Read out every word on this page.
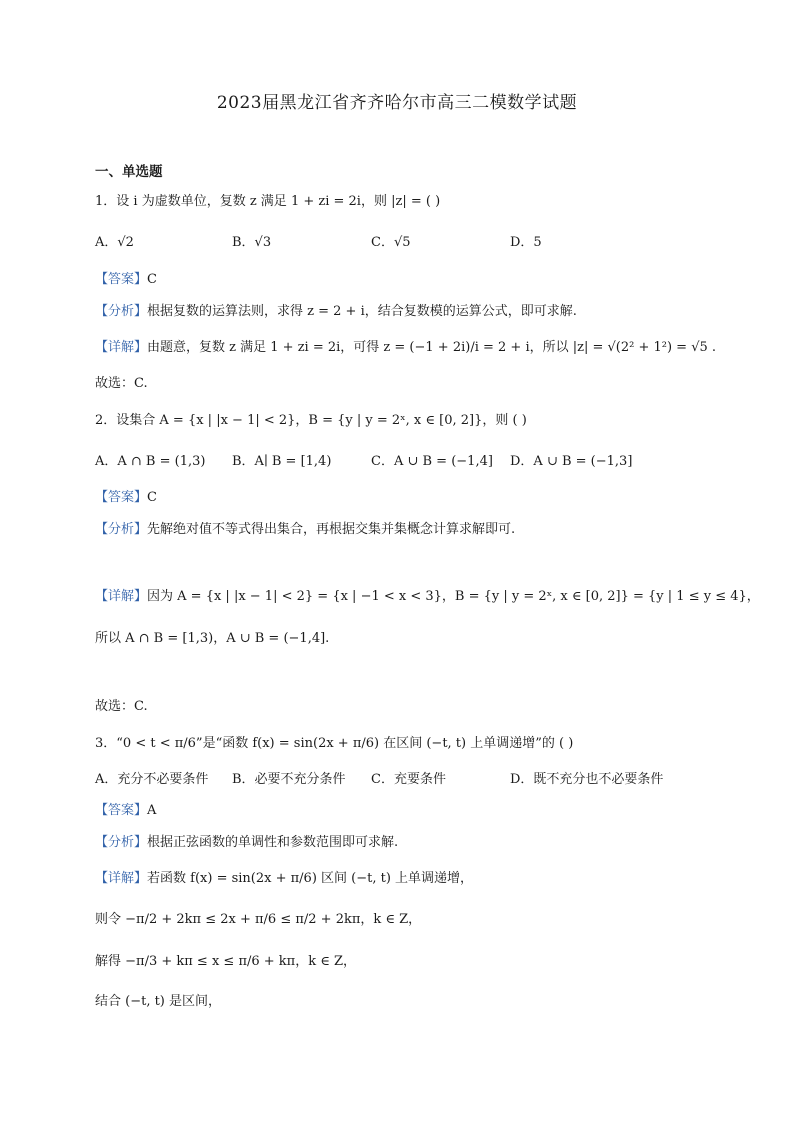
2023届黑龙江省齐齐哈尔市高三二模数学试题
一、单选题
1．设 i 为虚数单位，复数 z 满足 1 + zi = 2i，则 |z| = ( )
A．√2	B．√3	C．√5	D．5
【答案】C
【分析】根据复数的运算法则，求得 z = 2 + i，结合复数模的运算公式，即可求解.
【详解】由题意，复数 z 满足 1 + zi = 2i，可得 z = (−1 + 2i)/i = 2 + i，所以 |z| = √(2² + 1²) = √5 .
故选：C.
2．设集合 A = {x | |x − 1| < 2}，B = {y | y = 2ˣ, x ∈ [0, 2]}，则 ( )
A．A ∩ B = (1,3) B．A∣ B = [1,4)	C．A ∪ B = (−1,4] D．A ∪ B = (−1,3]
【答案】C
【分析】先解绝对值不等式得出集合，再根据交集并集概念计算求解即可.
【详解】因为 A = {x | |x − 1| < 2} = {x | −1 < x < 3}，B = {y | y = 2ˣ, x ∈ [0, 2]} = {y | 1 ≤ y ≤ 4}，
所以 A ∩ B = [1,3)，A ∪ B = (−1,4].
故选：C.
3．“0 < t < π/6”是“函数 f(x) = sin(2x + π/6) 在区间 (−t, t) 上单调递增”的 ( )
A．充分不必要条件 B．必要不充分条件 C．充要条件	D．既不充分也不必要条件
【答案】A
【分析】根据正弦函数的单调性和参数范围即可求解.
【详解】若函数 f(x) = sin(2x + π/6) 区间 (−t, t) 上单调递增，
则令 −π/2 + 2kπ ≤ 2x + π/6 ≤ π/2 + 2kπ，k ∈ Z，
解得 −π/3 + kπ ≤ x ≤ π/6 + kπ，k ∈ Z，
结合 (−t, t) 是区间，
